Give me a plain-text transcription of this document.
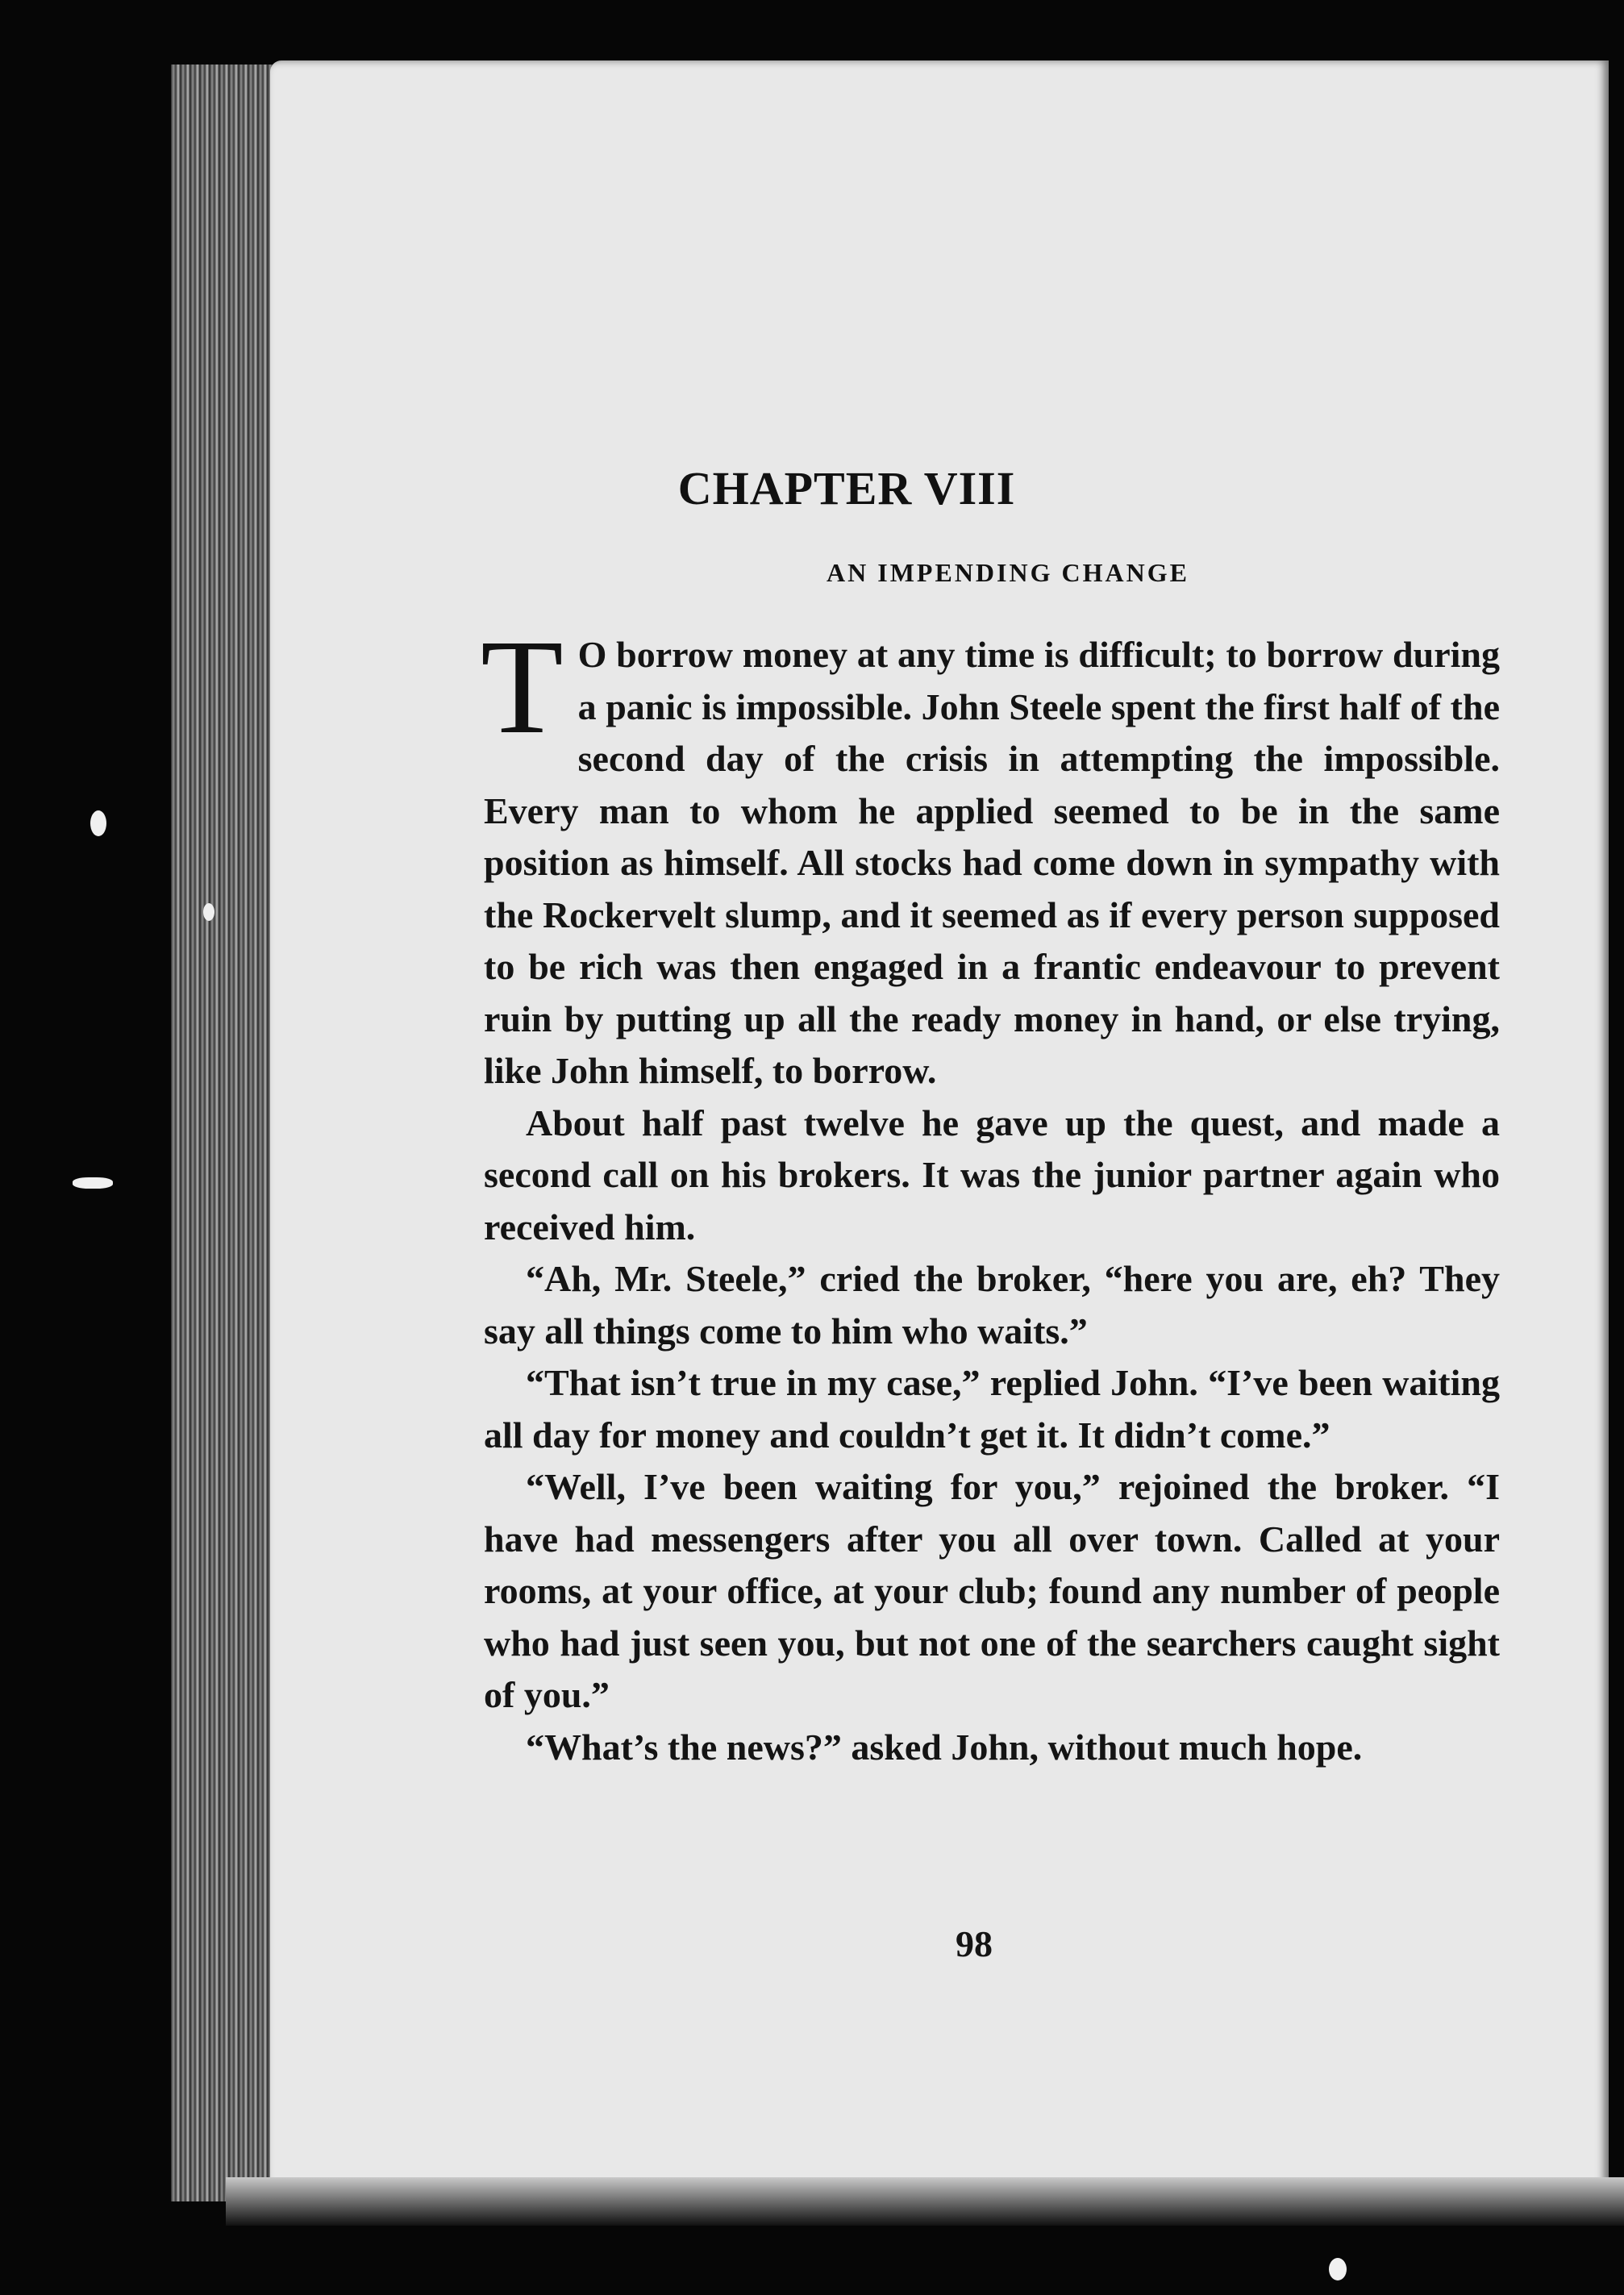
CHAPTER VIII
AN IMPENDING CHANGE

T O borrow money at any time is difficult; to borrow during a panic is impossible. John Steele spent the first half of the second day of the crisis in attempting the impossible. Every man to whom he applied seemed to be in the same position as himself. All stocks had come down in sympathy with the Rockervelt slump, and it seemed as if every person supposed to be rich was then engaged in a frantic endeavour to prevent ruin by putting up all the ready money in hand, or else trying, like John himself, to borrow.

About half past twelve he gave up the quest, and made a second call on his brokers. It was the junior partner again who received him.

“Ah, Mr. Steele,” cried the broker, “here you are, eh? They say all things come to him who waits.”

“That isn’t true in my case,” replied John. “I’ve been waiting all day for money and couldn’t get it. It didn’t come.”

“Well, I’ve been waiting for you,” rejoined the broker. “I have had messengers after you all over town. Called at your rooms, at your office, at your club; found any number of people who had just seen you, but not one of the searchers caught sight of you.”

“What’s the news?” asked John, without much hope.

98
